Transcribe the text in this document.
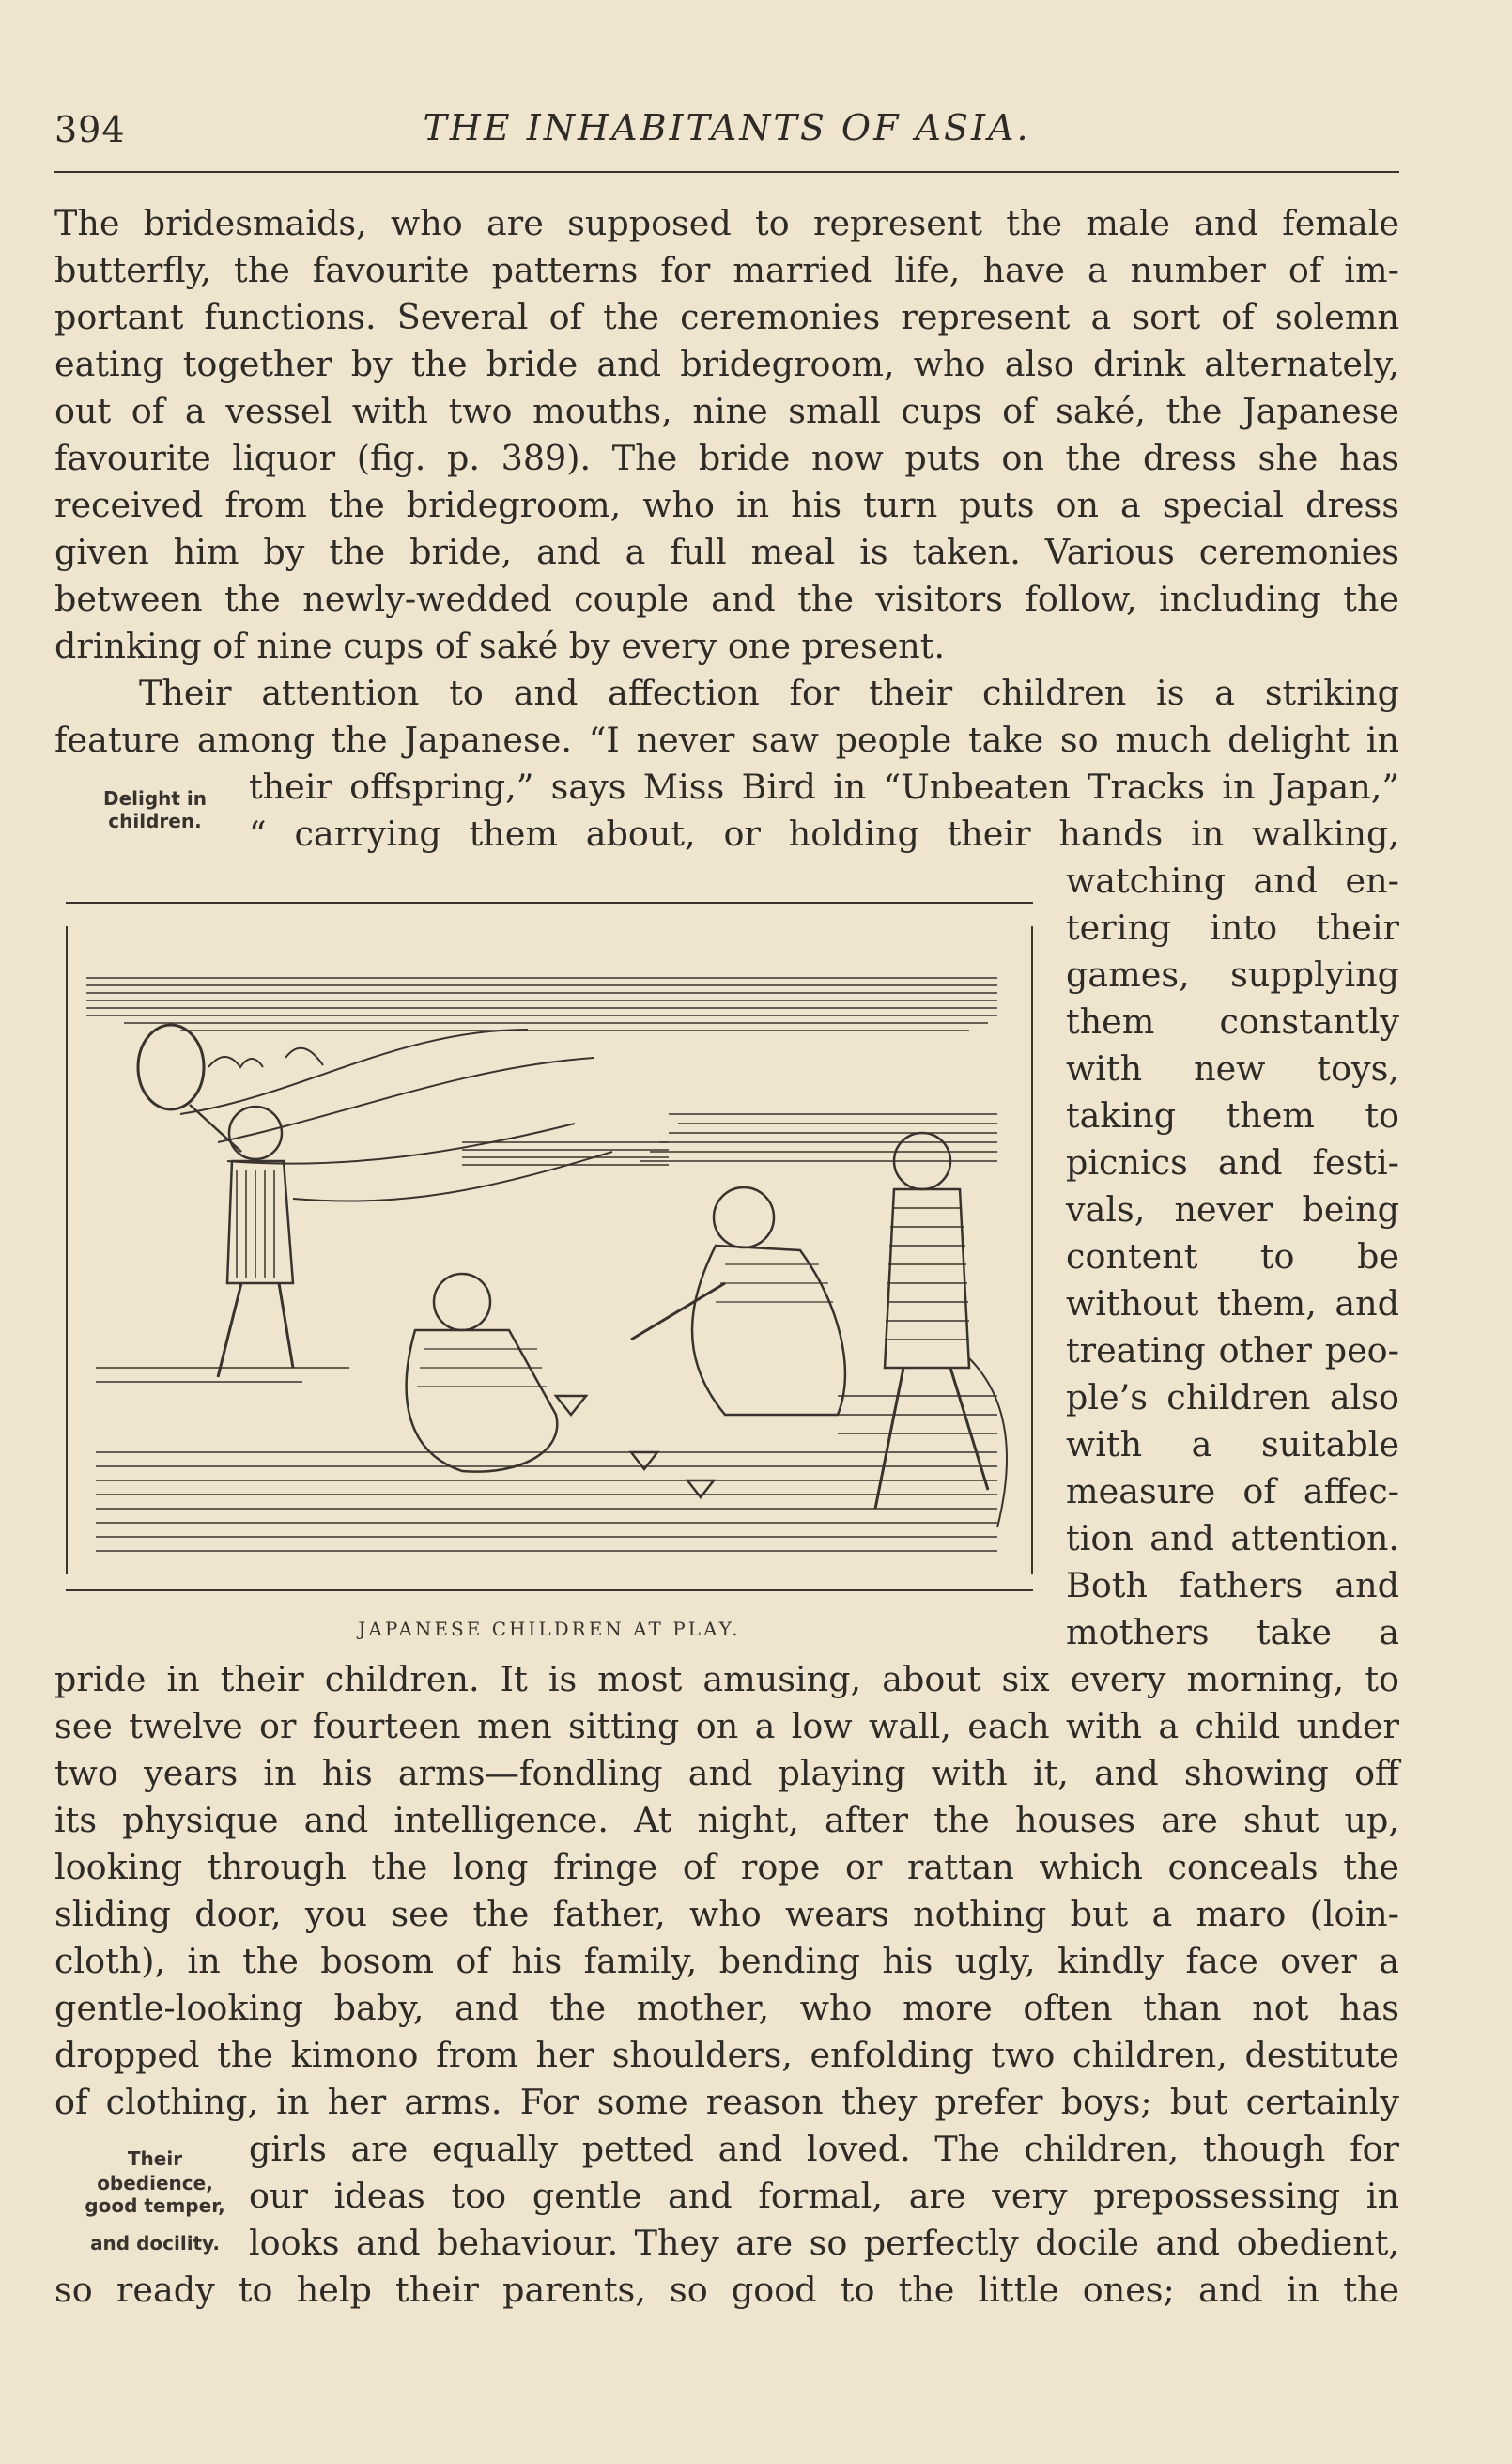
394	THE INHABITANTS OF ASIA.
The bridesmaids, who are supposed to represent the male and female
butterfly, the favourite patterns for married life, have a number of im-
portant functions. Several of the ceremonies represent a sort of solemn
eating together by the bride and bridegroom, who also drink alternately,
out of a vessel with two mouths, nine small cups of saké, the Japanese
favourite liquor (fig. p. 389). The bride now puts on the dress she has
received from the bridegroom, who in his turn puts on a special dress
given him by the bride, and a full meal is taken. Various ceremonies
between the newly-wedded couple and the visitors follow, including the
drinking of nine cups of saké by every one present.
Their attention to and affection for their children is a striking
feature among the Japanese. “I never saw people take so much delight in
their offspring,” says Miss Bird in “Unbeaten Tracks in Japan,”
“ carrying them about, or holding their hands in walking,
Delight in
children.
watching and en-
tering into their
games, supplying
them constantly
with new toys,
taking them to
picnics and festi-
vals, never being
content to be
without them, and
treating other peo-
ple’s children also
with a suitable
measure of affec-
tion and attention.
Both fathers and
mothers take a
JAPANESE CHILDREN AT PLAY.
pride in their children. It is most amusing, about six every morning, to
see twelve or fourteen men sitting on a low wall, each with a child under
two years in his arms—fondling and playing with it, and showing off
its physique and intelligence. At night, after the houses are shut up,
looking through the long fringe of rope or rattan which conceals the
sliding door, you see the father, who wears nothing but a maro (loin-
cloth), in the bosom of his family, bending his ugly, kindly face over a
gentle-looking baby, and the mother, who more often than not has
dropped the kimono from her shoulders, enfolding two children, destitute
of clothing, in her arms. For some reason they prefer boys; but certainly
girls are equally petted and loved. The children, though for
our ideas too gentle and formal, are very prepossessing in
looks and behaviour. They are so perfectly docile and obedient,
so ready to help their parents, so good to the little ones; and in the
Their
obedience,
good temper,
and docility.
